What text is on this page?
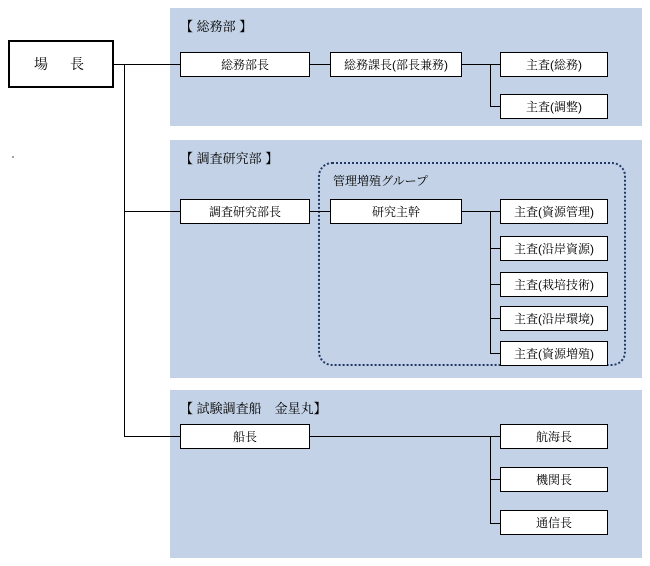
【 総務部 】
【 調査研究部 】
【 試験調査船　金星丸】
管理増殖グループ
場　長	総務部長	総務課長(部長兼務)	主査(総務)
主査(調整)
調査研究部長	研究主幹	主査(資源管理)
主査(沿岸資源)
主査(栽培技術)
主査(沿岸環境)
主査(資源増殖)
船長	航海長
機関長
通信長
